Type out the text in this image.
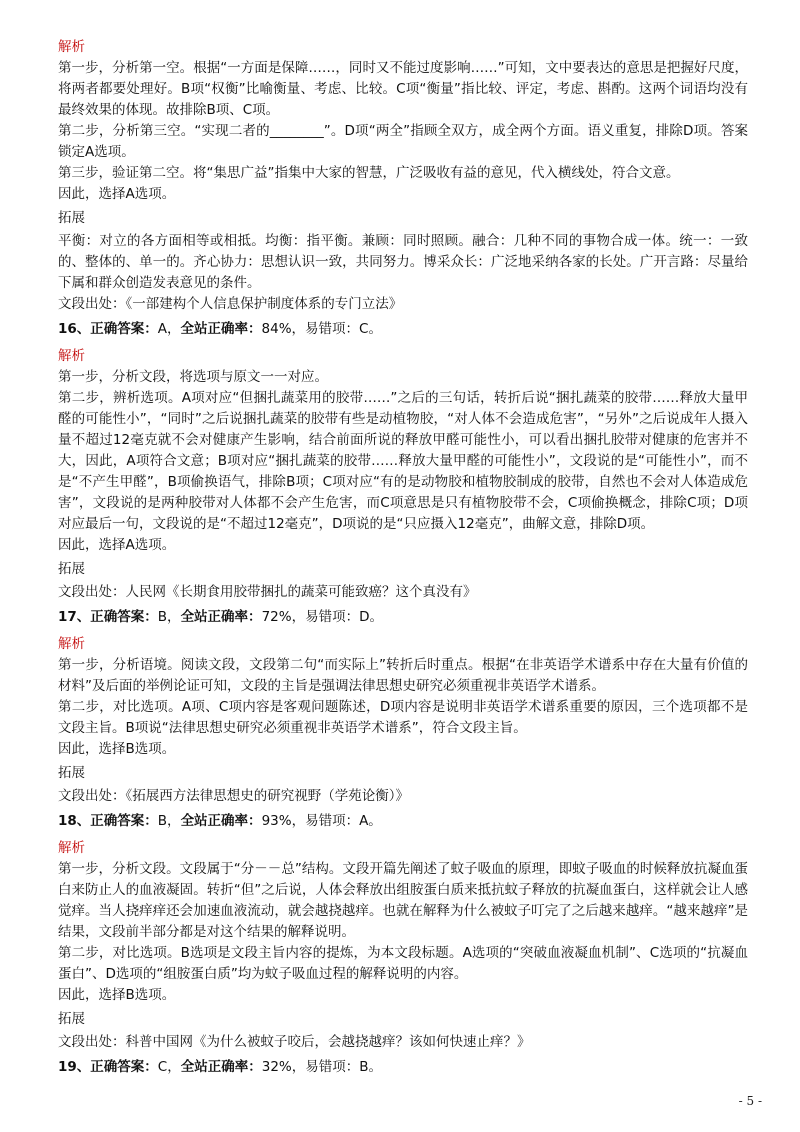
解析

第一步，分析第一空。根据“一方面是保障……，同时又不能过度影响……”可知，文中要表达的意思是把握好尺度，将两者都要处理好。B项“权衡”比喻衡量、考虑、比较。C项“衡量”指比较、评定，考虑、斟酌。这两个词语均没有最终效果的体现。故排除B项、C项。

第二步，分析第三空。“实现二者的________”。D项“两全”指顾全双方，成全两个方面。语义重复，排除D项。答案锁定A选项。

第三步，验证第二空。将“集思广益”指集中大家的智慧，广泛吸收有益的意见，代入横线处，符合文意。

因此，选择A选项。

拓展

平衡：对立的各方面相等或相抵。均衡：指平衡。兼顾：同时照顾。融合：几种不同的事物合成一体。统一：一致的、整体的、单一的。齐心协力：思想认识一致，共同努力。博采众长：广泛地采纳各家的长处。广开言路：尽量给下属和群众创造发表意见的条件。

文段出处：《一部建构个人信息保护制度体系的专门立法》

16、正确答案：A，全站正确率：84%，易错项：C。

解析

第一步，分析文段，将选项与原文一一对应。

第二步，辨析选项。A项对应“但捆扎蔬菜用的胶带……”之后的三句话，转折后说“捆扎蔬菜的胶带……释放大量甲醛的可能性小”，“同时”之后说捆扎蔬菜的胶带有些是动植物胶，“对人体不会造成危害”，“另外”之后说成年人摄入量不超过12毫克就不会对健康产生影响，结合前面所说的释放甲醛可能性小，可以看出捆扎胶带对健康的危害并不大，因此，A项符合文意；B项对应“捆扎蔬菜的胶带……释放大量甲醛的可能性小”，文段说的是“可能性小”，而不是“不产生甲醛”，B项偷换语气，排除B项；C项对应“有的是动物胶和植物胶制成的胶带，自然也不会对人体造成危害”，文段说的是两种胶带对人体都不会产生危害，而C项意思是只有植物胶带不会，C项偷换概念，排除C项；D项对应最后一句，文段说的是“不超过12毫克”，D项说的是“只应摄入12毫克”，曲解文意，排除D项。

因此，选择A选项。

拓展

文段出处：人民网《长期食用胶带捆扎的蔬菜可能致癌？这个真没有》

17、正确答案：B，全站正确率：72%，易错项：D。

解析

第一步，分析语境。阅读文段，文段第二句“而实际上”转折后时重点。根据“在非英语学术谱系中存在大量有价值的材料”及后面的举例论证可知，文段的主旨是强调法律思想史研究必须重视非英语学术谱系。

第二步，对比选项。A项、C项内容是客观问题陈述，D项内容是说明非英语学术谱系重要的原因，三个选项都不是文段主旨。B项说“法律思想史研究必须重视非英语学术谱系”，符合文段主旨。

因此，选择B选项。

拓展

文段出处：《拓展西方法律思想史的研究视野（学苑论衡）》

18、正确答案：B，全站正确率：93%，易错项：A。

解析

第一步，分析文段。文段属于“分－－总”结构。文段开篇先阐述了蚊子吸血的原理，即蚊子吸血的时候释放抗凝血蛋白来防止人的血液凝固。转折“但”之后说，人体会释放出组胺蛋白质来抵抗蚊子释放的抗凝血蛋白，这样就会让人感觉痒。当人挠痒痒还会加速血液流动，就会越挠越痒。也就在解释为什么被蚊子叮完了之后越来越痒。“越来越痒”是结果，文段前半部分都是对这个结果的解释说明。

第二步，对比选项。B选项是文段主旨内容的提炼，为本文段标题。A选项的“突破血液凝血机制”、C选项的“抗凝血蛋白”、D选项的“组胺蛋白质”均为蚊子吸血过程的解释说明的内容。

因此，选择B选项。

拓展

文段出处：科普中国网《为什么被蚊子咬后，会越挠越痒？该如何快速止痒？》

19、正确答案：C，全站正确率：32%，易错项：B。

- 5 -
